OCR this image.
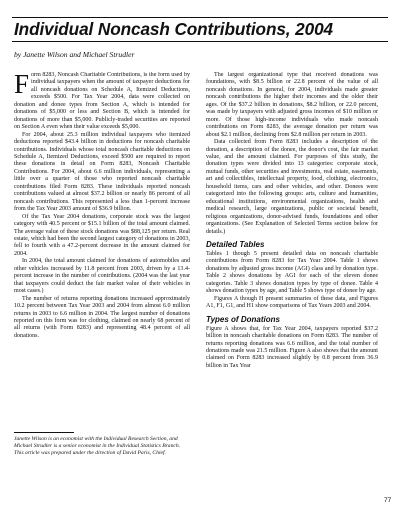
Individual Noncash Contributions, 2004
by Janette Wilson and Michael Strudler

Form 8283, Noncash Charitable Contributions, is the form used by individual taxpayers when the amount of taxpayer deductions for all noncash donations on Schedule A, Itemized Deductions, exceeds $500. For Tax Year 2004, data were collected on donation and donee types from Section A, which is intended for donations of $5,000 or less and Section B, which is intended for donations of more than $5,000. Publicly-traded securities are reported on Section A even when their value exceeds $5,000.

For 2004, about 25.3 million individual taxpayers who itemized deductions reported $43.4 billion in deductions for noncash charitable contributions. Individuals whose total noncash charitable deductions on Schedule A, Itemized Deductions, exceed $500 are required to report these donations in detail on Form 8283, Noncash Charitable Contributions. For 2004, about 6.6 million individuals, representing a little over a quarter of those who reported noncash charitable contributions filed Form 8283. These individuals reported noncash contributions valued at almost $37.2 billion or nearly 86 percent of all noncash contributions. This represented a less than 1-percent increase from the Tax Year 2003 amount of $36.9 billion.

Of the Tax Year 2004 donations, corporate stock was the largest category with 40.5 percent or $15.1 billion of the total amount claimed. The average value of these stock donations was $88,125 per return. Real estate, which had been the second largest category of donations in 2003, fell to fourth with a 47.2-percent decrease in the amount claimed for 2004.

In 2004, the total amount claimed for donations of automobiles and other vehicles increased by 11.8 percent from 2003, driven by a 13.4-percent increase in the number of contributions. (2004 was the last year that taxpayers could deduct the fair market value of their vehicles in most cases.)

The number of returns reporting donations increased approximately 10.2 percent between Tax Year 2003 and 2004 from almost 6.0 million returns in 2003 to 6.6 million in 2004. The largest number of donations reported on this form was for clothing, claimed on nearly 68 percent of all returns (with Form 8283) and representing 48.4 percent of all donations.

Janette Wilson is an economist with the Individual Research Section, and Michael Strudler is a senior economist in the Individual Statistics Branch. This article was prepared under the direction of David Paris, Chief.

The largest organizational type that received donations was foundations, with $8.5 billion or 22.8 percent of the value of all noncash donations. In general, for 2004, individuals made greater noncash contributions the higher their incomes and the older their ages. Of the $37.2 billion in donations, $8.2 billion, or 22.0 percent, was made by taxpayers with adjusted gross incomes of $10 million or more. Of those high-income individuals who made noncash contributions on Form 8283, the average donation per return was about $2.1 million, declining from $2.8 million per return in 2003.

Data collected from Form 8283 includes a description of the donation, a description of the donee, the donor's cost, the fair market value, and the amount claimed. For purposes of this study, the donation types were divided into 13 categories: corporate stock, mutual funds, other securities and investments, real estate, easements, art and collectibles, intellectual property, food, clothing, electronics, household items, cars and other vehicles, and other. Donees were categorized into the following groups: arts, culture and humanities, educational institutions, environmental organizations, health and medical research, large organizations, public or societal benefit, religious organizations, donor-advised funds, foundations and other organizations. (See Explanation of Selected Terms section below for details.)

Detailed Tables

Tables 1 though 5 present detailed data on noncash charitable contributions from Form 8283 for Tax Year 2004. Table 1 shows donations by adjusted gross income (AGI) class and by donation type. Table 2 shows donations by AGI for each of the eleven donee categories. Table 3 shows donation types by type of donee. Table 4 shows donation types by age, and Table 5 shows type of donee by age.

Figures A though H present summaries of these data, and Figures A1, F1, G1, and H1 show comparisons of Tax Years 2003 and 2004.

Types of Donations

Figure A shows that, for Tax Year 2004, taxpayers reported $37.2 billion in noncash charitable donations on Form 8283. The number of returns reporting donations was 6.6 million, and the total number of donations made was 21.5 million. Figure A also shows that the amount claimed on Form 8283 increased slightly by 0.8 percent from 36.9 billion in Tax Year

77
